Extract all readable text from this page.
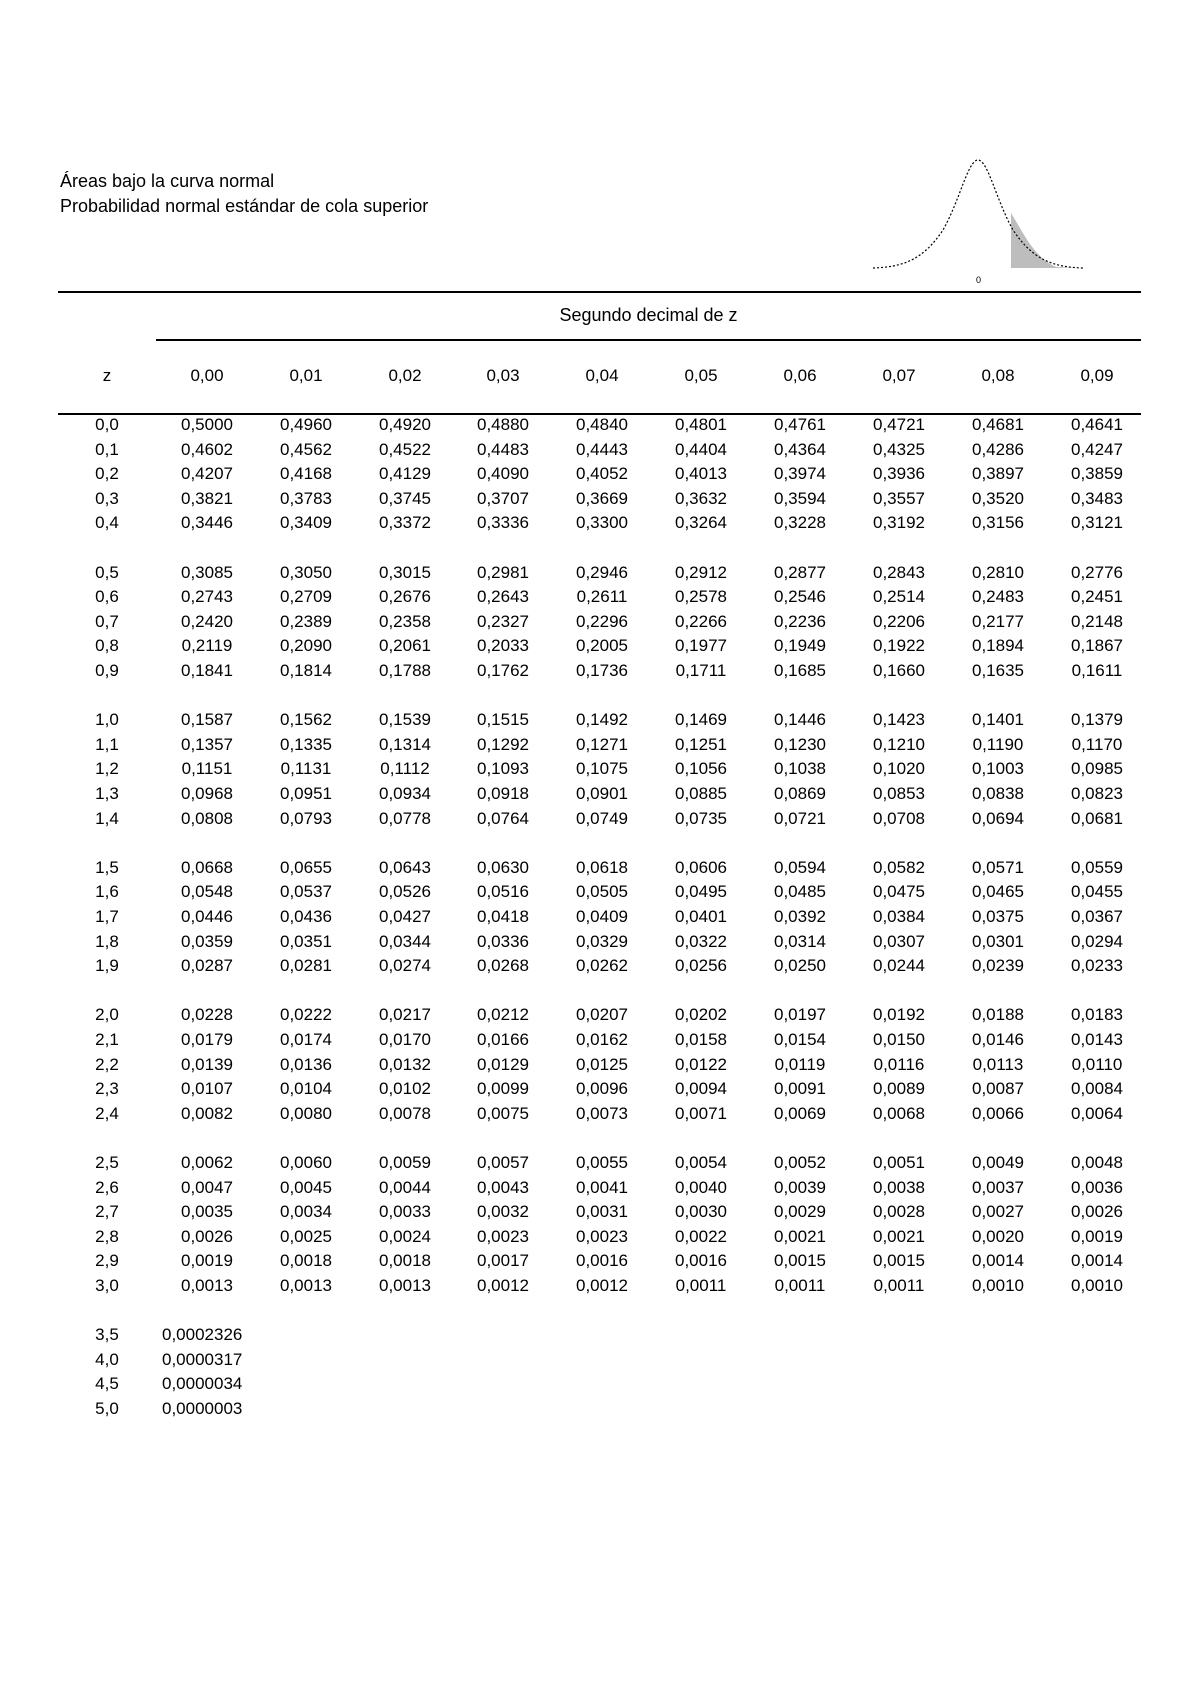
Áreas bajo la curva normal
Probabilidad normal estándar de cola superior
0
Segundo decimal de z
z	0,00	0,01	0,02	0,03	0,04	0,05	0,06	0,07	0,08	0,09
0,0	0,5000	0,4960	0,4920	0,4880	0,4840	0,4801	0,4761	0,4721	0,4681	0,4641
0,1	0,4602	0,4562	0,4522	0,4483	0,4443	0,4404	0,4364	0,4325	0,4286	0,4247
0,2	0,4207	0,4168	0,4129	0,4090	0,4052	0,4013	0,3974	0,3936	0,3897	0,3859
0,3	0,3821	0,3783	0,3745	0,3707	0,3669	0,3632	0,3594	0,3557	0,3520	0,3483
0,4	0,3446	0,3409	0,3372	0,3336	0,3300	0,3264	0,3228	0,3192	0,3156	0,3121
0,5	0,3085	0,3050	0,3015	0,2981	0,2946	0,2912	0,2877	0,2843	0,2810	0,2776
0,6	0,2743	0,2709	0,2676	0,2643	0,2611	0,2578	0,2546	0,2514	0,2483	0,2451
0,7	0,2420	0,2389	0,2358	0,2327	0,2296	0,2266	0,2236	0,2206	0,2177	0,2148
0,8	0,2119	0,2090	0,2061	0,2033	0,2005	0,1977	0,1949	0,1922	0,1894	0,1867
0,9	0,1841	0,1814	0,1788	0,1762	0,1736	0,1711	0,1685	0,1660	0,1635	0,1611
1,0	0,1587	0,1562	0,1539	0,1515	0,1492	0,1469	0,1446	0,1423	0,1401	0,1379
1,1	0,1357	0,1335	0,1314	0,1292	0,1271	0,1251	0,1230	0,1210	0,1190	0,1170
1,2	0,1151	0,1131	0,1112	0,1093	0,1075	0,1056	0,1038	0,1020	0,1003	0,0985
1,3	0,0968	0,0951	0,0934	0,0918	0,0901	0,0885	0,0869	0,0853	0,0838	0,0823
1,4	0,0808	0,0793	0,0778	0,0764	0,0749	0,0735	0,0721	0,0708	0,0694	0,0681
1,5	0,0668	0,0655	0,0643	0,0630	0,0618	0,0606	0,0594	0,0582	0,0571	0,0559
1,6	0,0548	0,0537	0,0526	0,0516	0,0505	0,0495	0,0485	0,0475	0,0465	0,0455
1,7	0,0446	0,0436	0,0427	0,0418	0,0409	0,0401	0,0392	0,0384	0,0375	0,0367
1,8	0,0359	0,0351	0,0344	0,0336	0,0329	0,0322	0,0314	0,0307	0,0301	0,0294
1,9	0,0287	0,0281	0,0274	0,0268	0,0262	0,0256	0,0250	0,0244	0,0239	0,0233
2,0	0,0228	0,0222	0,0217	0,0212	0,0207	0,0202	0,0197	0,0192	0,0188	0,0183
2,1	0,0179	0,0174	0,0170	0,0166	0,0162	0,0158	0,0154	0,0150	0,0146	0,0143
2,2	0,0139	0,0136	0,0132	0,0129	0,0125	0,0122	0,0119	0,0116	0,0113	0,0110
2,3	0,0107	0,0104	0,0102	0,0099	0,0096	0,0094	0,0091	0,0089	0,0087	0,0084
2,4	0,0082	0,0080	0,0078	0,0075	0,0073	0,0071	0,0069	0,0068	0,0066	0,0064
2,5	0,0062	0,0060	0,0059	0,0057	0,0055	0,0054	0,0052	0,0051	0,0049	0,0048
2,6	0,0047	0,0045	0,0044	0,0043	0,0041	0,0040	0,0039	0,0038	0,0037	0,0036
2,7	0,0035	0,0034	0,0033	0,0032	0,0031	0,0030	0,0029	0,0028	0,0027	0,0026
2,8	0,0026	0,0025	0,0024	0,0023	0,0023	0,0022	0,0021	0,0021	0,0020	0,0019
2,9	0,0019	0,0018	0,0018	0,0017	0,0016	0,0016	0,0015	0,0015	0,0014	0,0014
3,0	0,0013	0,0013	0,0013	0,0012	0,0012	0,0011	0,0011	0,0011	0,0010	0,0010
3,5	0,0002326
4,0	0,0000317
4,5	0,0000034
5,0	0,0000003
